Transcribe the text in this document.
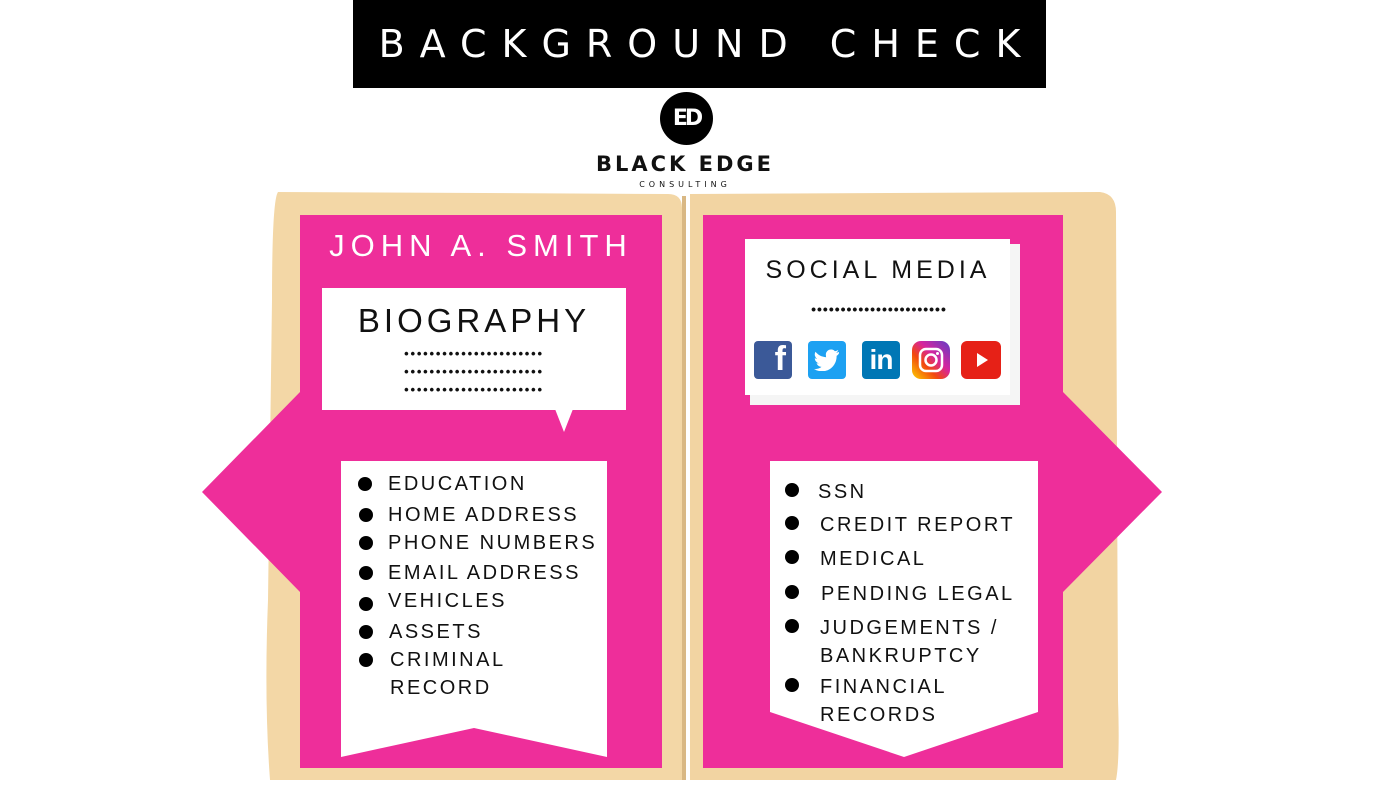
BACKGROUND CHECK
ED
BLACK EDGE
CONSULTING
JOHN A. SMITH
BIOGRAPHY
••••••••••••••••••••••
••••••••••••••••••••••
••••••••••••••••••••••
EDUCATION
HOME ADDRESS
PHONE NUMBERS
EMAIL ADDRESS
VEHICLES
ASSETS
CRIMINAL RECORD
SOCIAL MEDIA
•••••••••••••••••••••••
f	in
SSN
CREDIT REPORT
MEDICAL
PENDING LEGAL
JUDGEMENTS / BANKRUPTCY
FINANCIAL RECORDS
